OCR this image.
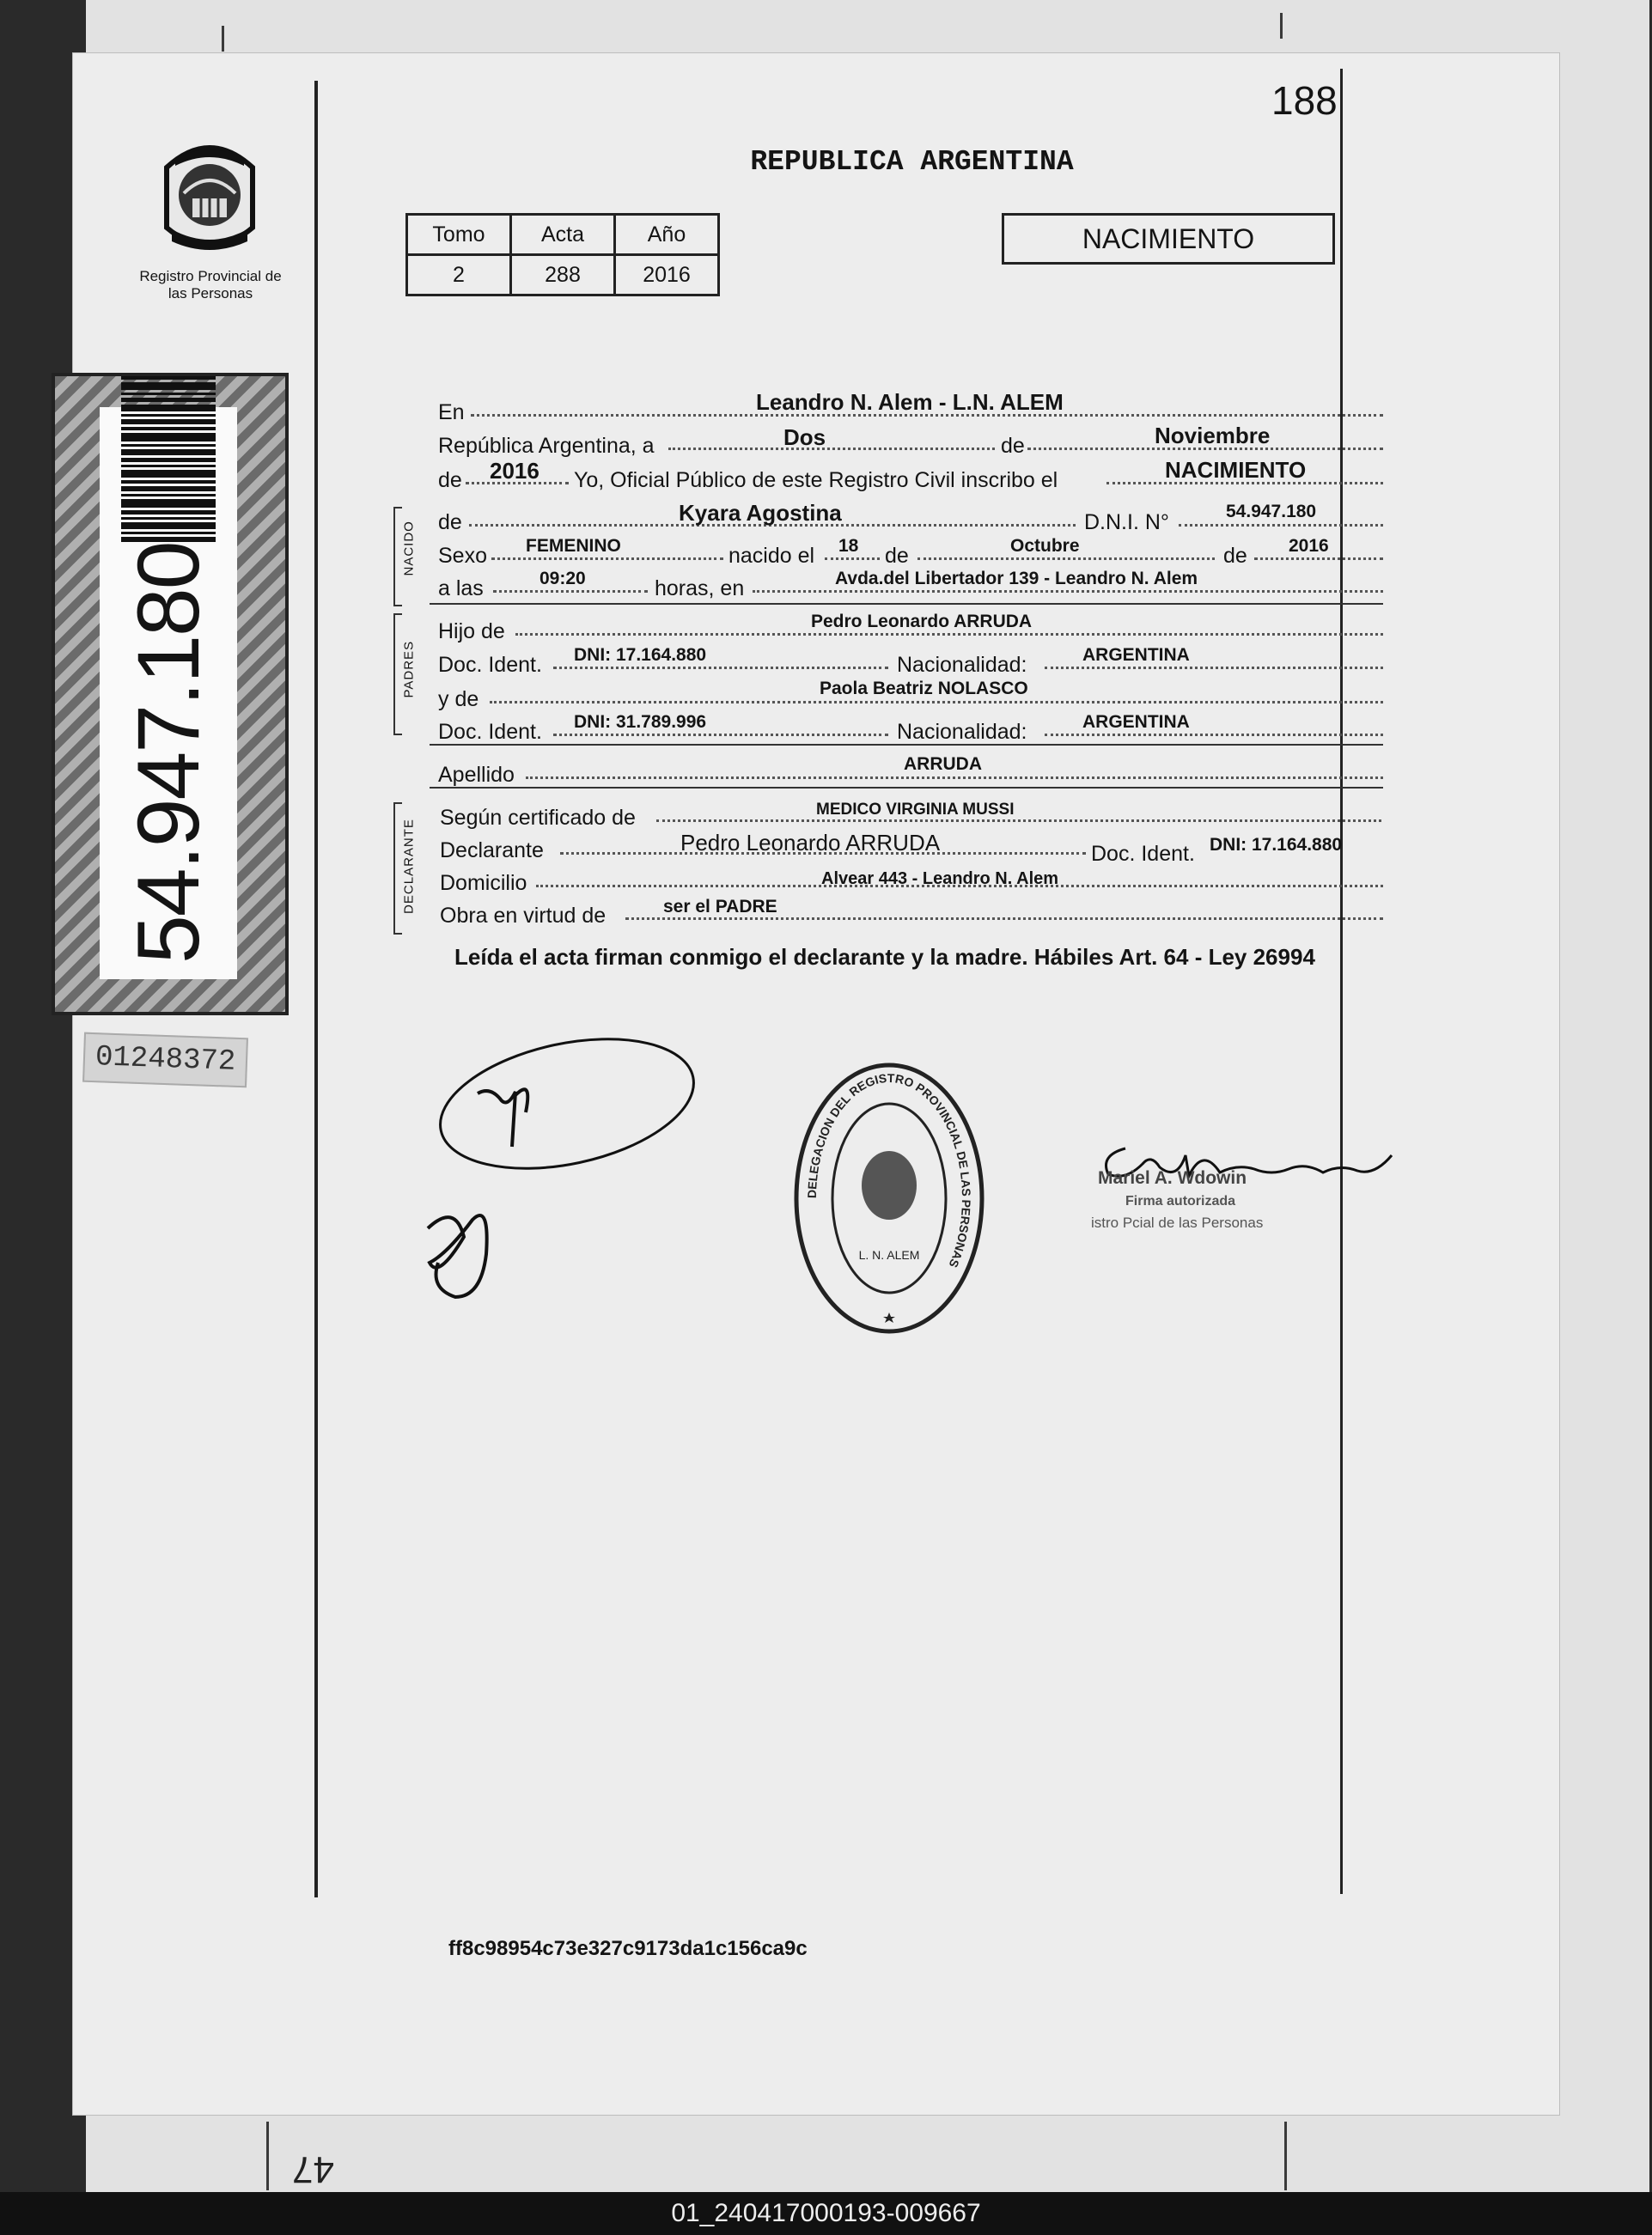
188
Registro Provincial de las Personas
54.947.180
01248372
REPUBLICA ARGENTINA
Tomo	Acta	Año
2	288	2016
NACIMIENTO
En	Leandro N. Alem - L.N. ALEM
República Argentina, a	Dos	de	Noviembre
de 2016 Yo, Oficial Público de este Registro Civil inscribo el	NACIMIENTO
NACIDO de	Kyara Agostina	D.N.I. N°	54.947.180
Sexo FEMENINO	nacido el 18 de	Octubre	de 2016
a las	09:20	horas, en	Avda.del Libertador 139 - Leandro N. Alem
PADRES
Hijo de	Pedro Leonardo ARRUDA
Doc. Ident. DNI: 17.164.880	Nacionalidad:	ARGENTINA
y de	Paola Beatriz NOLASCO
Doc. Ident. DNI: 31.789.996	Nacionalidad:	ARGENTINA
Apellido	ARRUDA
DECLARANTE
Según certificado de	MEDICO VIRGINIA MUSSI
Declarante	Pedro Leonardo ARRUDA	Doc. Ident. DNI: 17.164.880
Domicilio	Alvear 443 - Leandro N. Alem
Obra en virtud de	ser el PADRE
Leída el acta firman conmigo el declarante y la madre. Hábiles Art. 64 - Ley 26994
DELEGACION DEL REGISTRO PROVINCIAL DE LAS PERSONAS
L. N. ALEM
Mariel A. Wdowin
Firma autorizada
istro Pcial de las Personas
ff8c98954c73e327c9173da1c156ca9c
47
01_240417000193-009667
